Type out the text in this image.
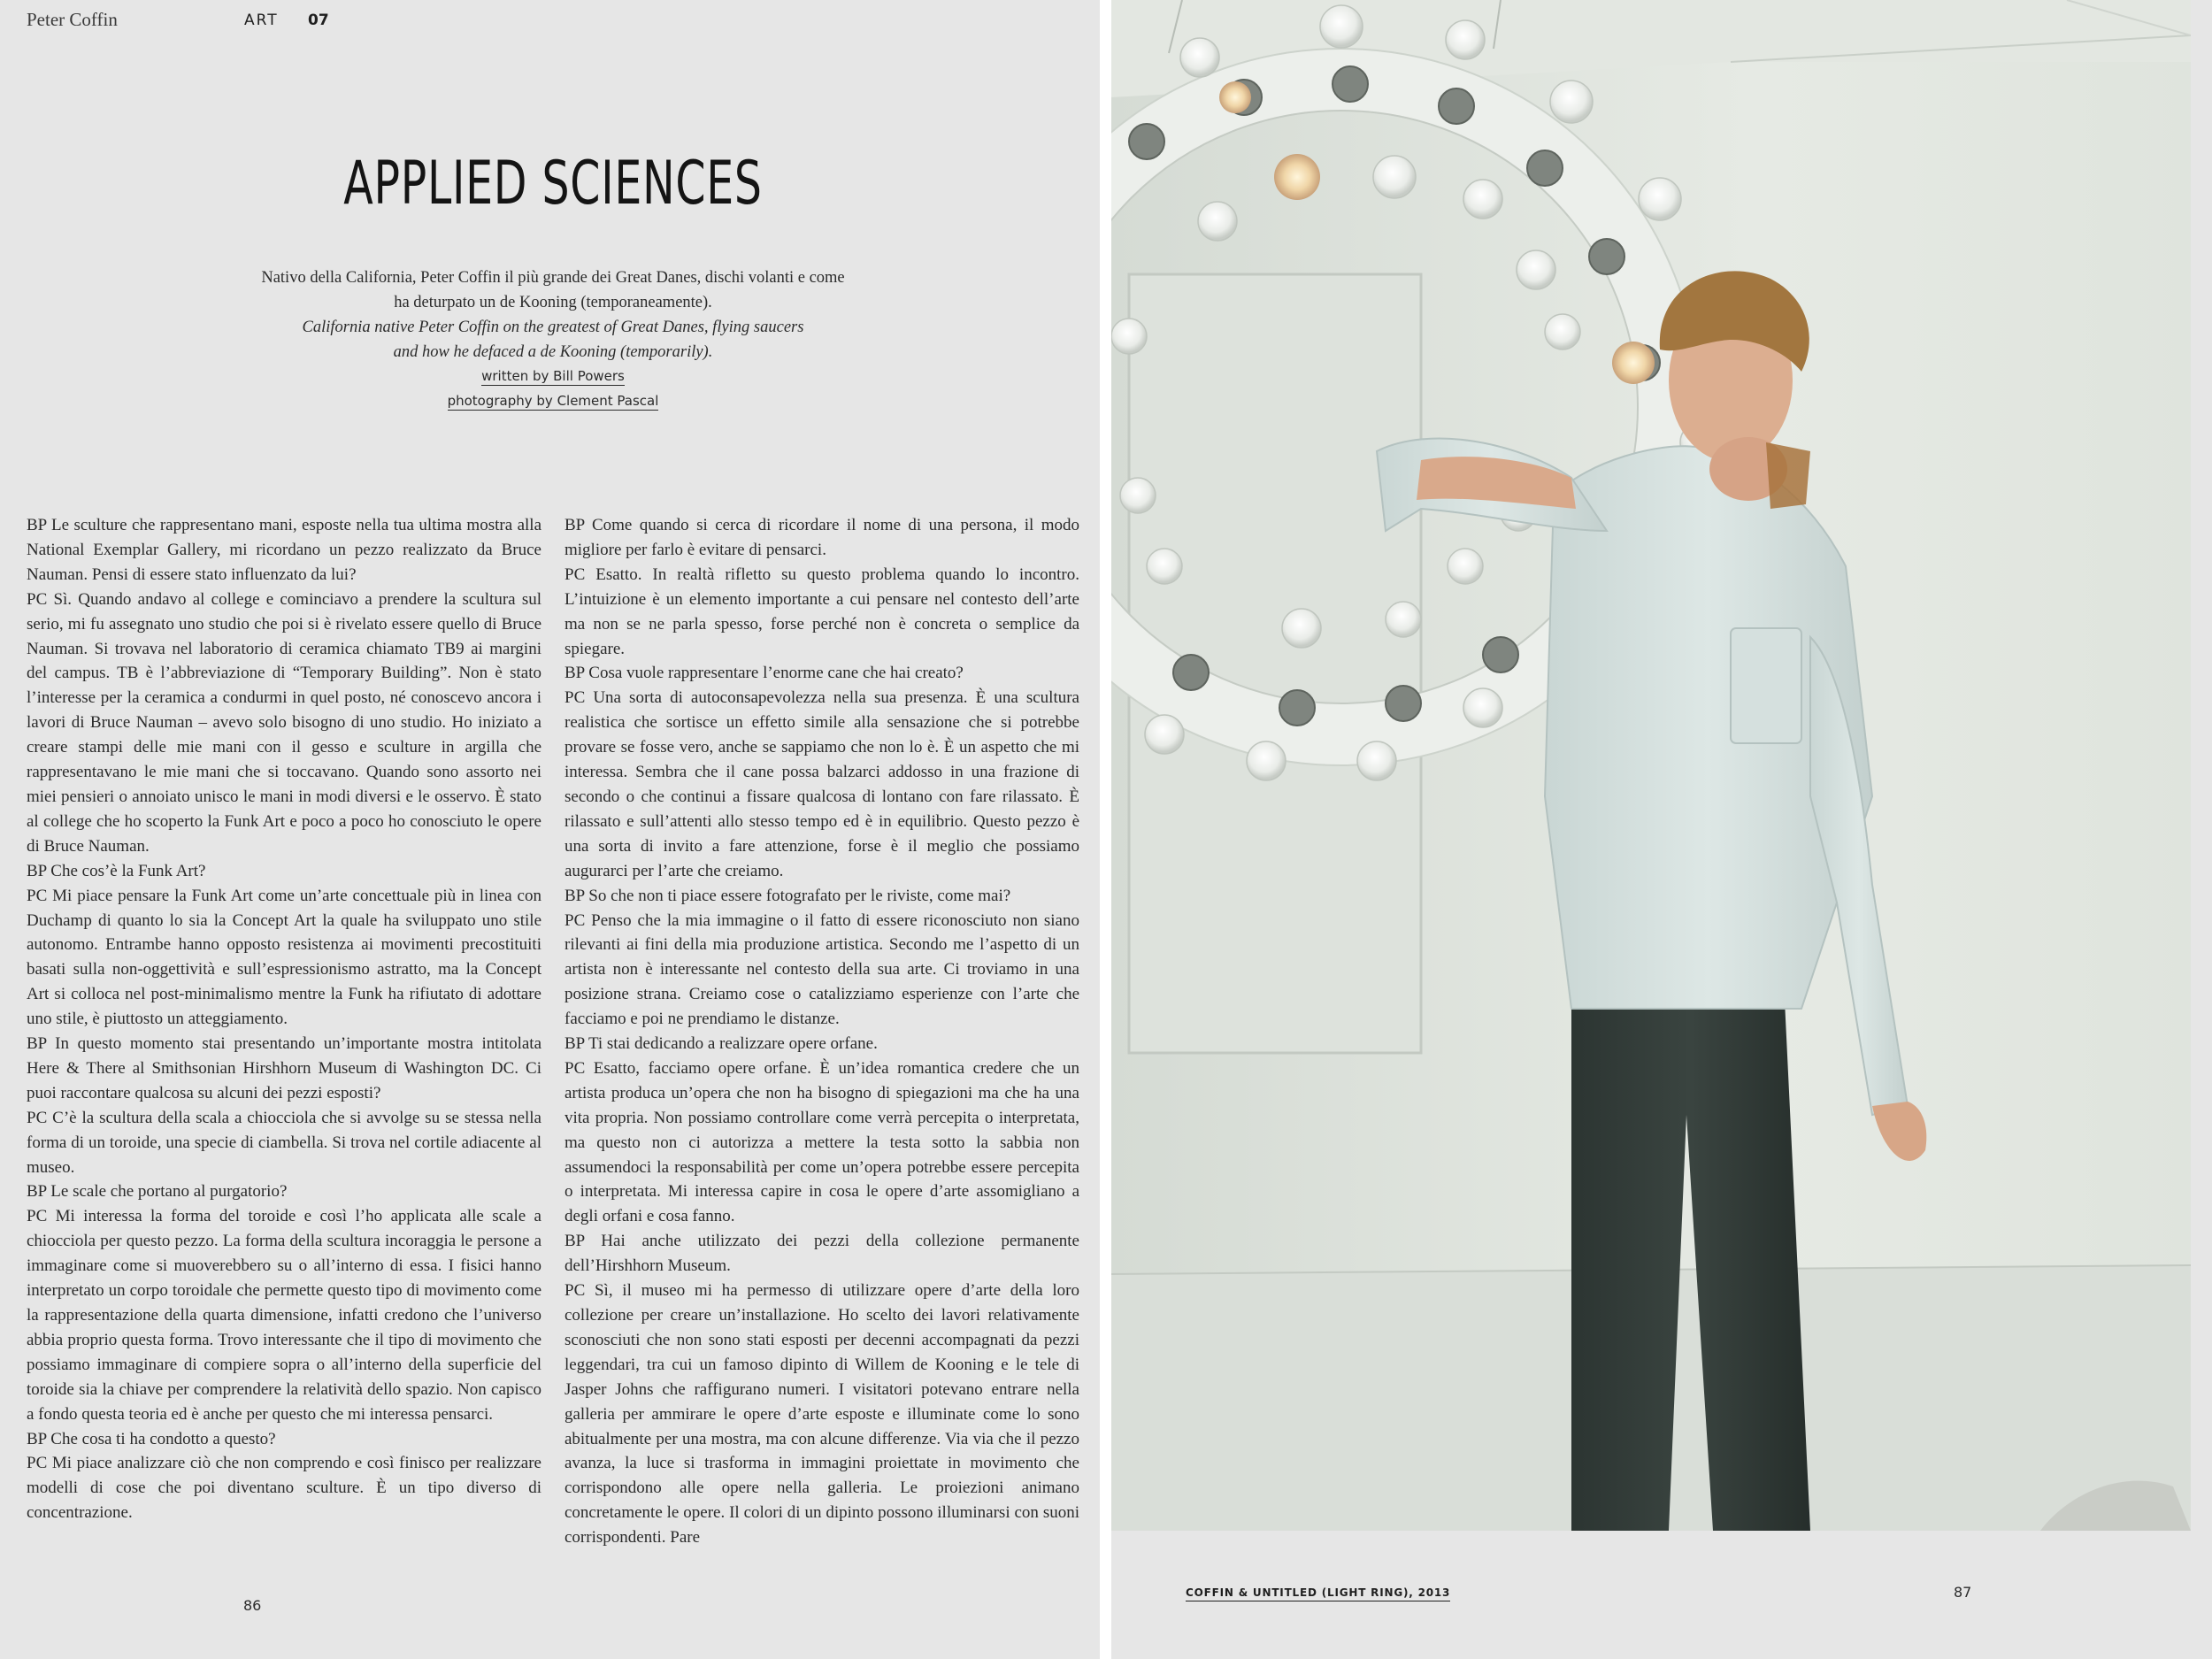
Peter Coffin	ART 07
APPLIED SCIENCES

Nativo della California, Peter Coffin il più grande dei Great Danes, dischi volanti e come

ha deturpato un de Kooning (temporaneamente).

California native Peter Coffin on the greatest of Great Danes, flying saucers

and how he defaced a de Kooning (temporarily).

written by Bill Powers
photography by Clement Pascal

BP Le sculture che rappresentano mani, esposte nella tua ultima mostra alla National Exemplar Gallery, mi ricordano un pezzo realizzato da Bruce Nauman. Pensi di essere stato influenzato da lui?

PC Sì. Quando andavo al college e cominciavo a prendere la scultura sul serio, mi fu assegnato uno studio che poi si è rivelato essere quello di Bruce Nauman. Si trovava nel laboratorio di ceramica chiamato TB9 ai margini del campus. TB è l’abbreviazione di “Temporary Building”. Non è stato l’interesse per la ceramica a condurmi in quel posto, né conoscevo ancora i lavori di Bruce Nauman – avevo solo bisogno di uno studio. Ho iniziato a creare stampi delle mie mani con il gesso e sculture in argilla che rappresentavano le mie mani che si toccavano. Quando sono assorto nei miei pensieri o annoiato unisco le mani in modi diversi e le osservo. È stato al college che ho scoperto la Funk Art e poco a poco ho conosciuto le opere di Bruce Nauman.

BP Che cos’è la Funk Art?

PC Mi piace pensare la Funk Art come un’arte concettuale più in linea con Duchamp di quanto lo sia la Concept Art la quale ha sviluppato uno stile autonomo. Entrambe hanno opposto resistenza ai movimenti precostituiti basati sulla non-oggettività e sull’espressionismo astratto, ma la Concept Art si colloca nel post-minimalismo mentre la Funk ha rifiutato di adottare uno stile, è piuttosto un atteggiamento.

BP In questo momento stai presentando un’importante mostra intitolata Here & There al Smithsonian Hirshhorn Museum di Washington DC. Ci puoi raccontare qualcosa su alcuni dei pezzi esposti?

PC C’è la scultura della scala a chiocciola che si avvolge su se stessa nella forma di un toroide, una specie di ciambella. Si trova nel cortile adiacente al museo.

BP Le scale che portano al purgatorio?

PC Mi interessa la forma del toroide e così l’ho applicata alle scale a chiocciola per questo pezzo. La forma della scultura incoraggia le persone a immaginare come si muoverebbero su o all’interno di essa. I fisici hanno interpretato un corpo toroidale che permette questo tipo di movimento come la rappresentazione della quarta dimensione, infatti credono che l’universo abbia proprio questa forma. Trovo interessante che il tipo di movimento che possiamo immaginare di compiere sopra o all’interno della superficie del toroide sia la chiave per comprendere la relatività dello spazio. Non capisco a fondo questa teoria ed è anche per questo che mi interessa pensarci.

BP Che cosa ti ha condotto a questo?

PC Mi piace analizzare ciò che non comprendo e così finisco per realizzare modelli di cose che poi diventano sculture. È un tipo diverso di concentrazione.

BP Come quando si cerca di ricordare il nome di una persona, il modo migliore per farlo è evitare di pensarci.

PC Esatto. In realtà rifletto su questo problema quando lo incontro. L’intuizione è un elemento importante a cui pensare nel contesto dell’arte ma non se ne parla spesso, forse perché non è concreta o semplice da spiegare.

BP Cosa vuole rappresentare l’enorme cane che hai creato?

PC Una sorta di autoconsapevolezza nella sua presenza. È una scultura realistica che sortisce un effetto simile alla sensazione che si potrebbe provare se fosse vero, anche se sappiamo che non lo è. È un aspetto che mi interessa. Sembra che il cane possa balzarci addosso in una frazione di secondo o che continui a fissare qualcosa di lontano con fare rilassato. È rilassato e sull’attenti allo stesso tempo ed è in equilibrio. Questo pezzo è una sorta di invito a fare attenzione, forse è il meglio che possiamo augurarci per l’arte che creiamo.

BP So che non ti piace essere fotografato per le riviste, come mai?

PC Penso che la mia immagine o il fatto di essere riconosciuto non siano rilevanti ai fini della mia produzione artistica. Secondo me l’aspetto di un artista non è interessante nel contesto della sua arte. Ci troviamo in una posizione strana. Creiamo cose o catalizziamo esperienze con l’arte che facciamo e poi ne prendiamo le distanze.

BP Ti stai dedicando a realizzare opere orfane.

PC Esatto, facciamo opere orfane. È un’idea romantica credere che un artista produca un’opera che non ha bisogno di spiegazioni ma che ha una vita propria. Non possiamo controllare come verrà percepita o interpretata, ma questo non ci autorizza a mettere la testa sotto la sabbia non assumendoci la responsabilità per come un’opera potrebbe essere percepita o interpretata. Mi interessa capire in cosa le opere d’arte assomigliano a degli orfani e cosa fanno.

BP Hai anche utilizzato dei pezzi della collezione permanente dell’Hirshhorn Museum.

PC Sì, il museo mi ha permesso di utilizzare opere d’arte della loro collezione per creare un’installazione. Ho scelto dei lavori relativamente sconosciuti che non sono stati esposti per decenni accompagnati da pezzi leggendari, tra cui un famoso dipinto di Willem de Kooning e le tele di Jasper Johns che raffigurano numeri. I visitatori potevano entrare nella galleria per ammirare le opere d’arte esposte e illuminate come lo sono abitualmente per una mostra, ma con alcune differenze. Via via che il pezzo avanza, la luce si trasforma in immagini proiettate in movimento che corrispondono alle opere nella galleria. Le proiezioni animano concretamente le opere. Il colori di un dipinto possono illuminarsi con suoni corrispondenti. Pare

86
COFFIN & UNTITLED (LIGHT RING), 2013	87
